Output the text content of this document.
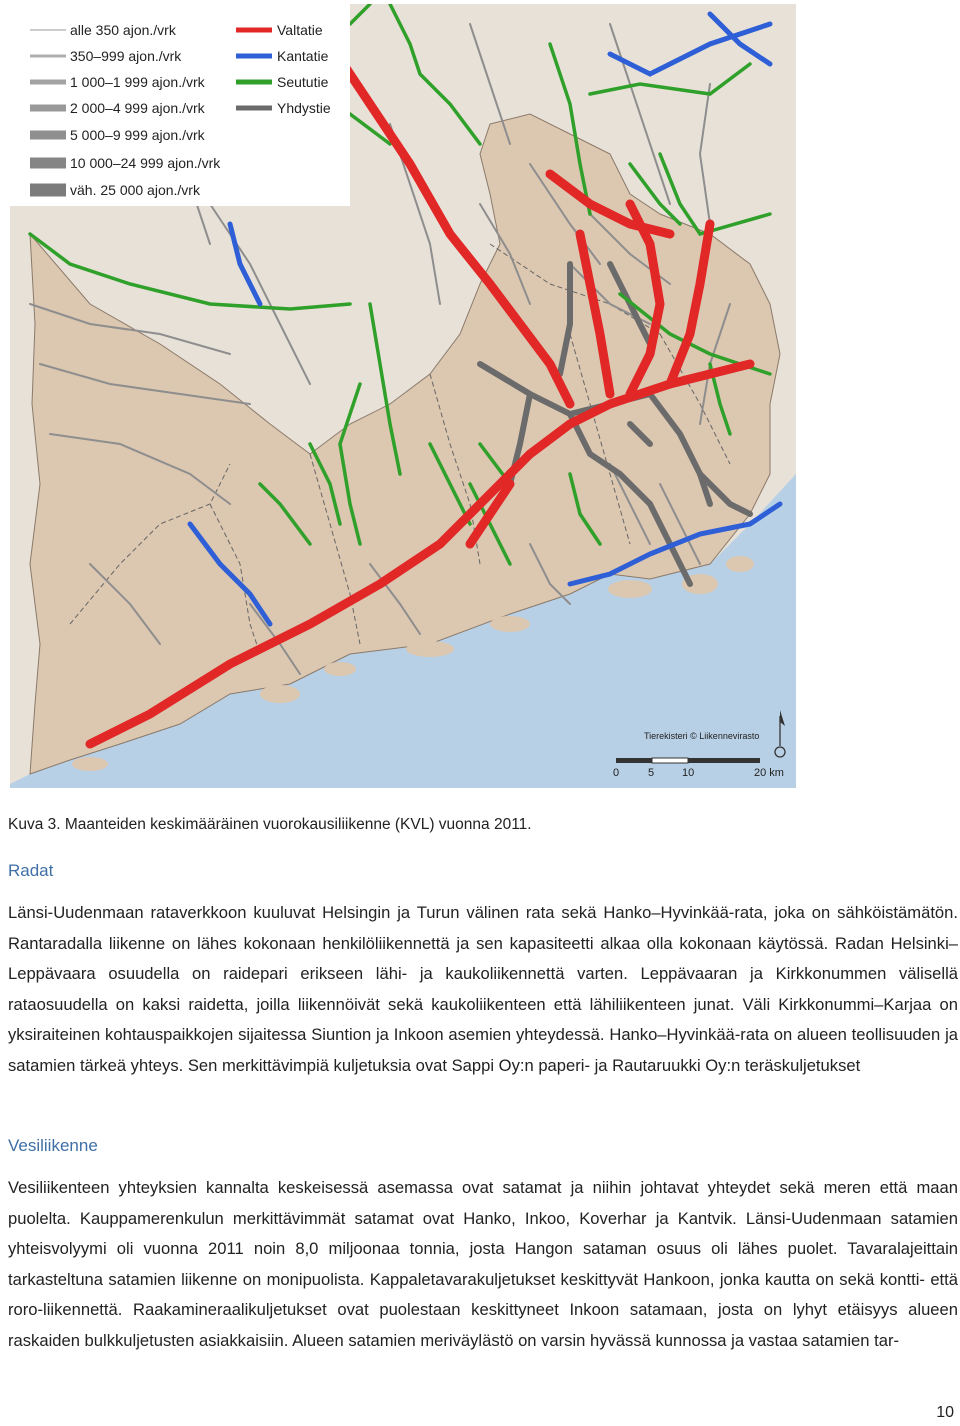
alle 350 ajon./vrk
350–999 ajon./vrk
1 000–1 999 ajon./vrk
2 000–4 999 ajon./vrk
5 000–9 999 ajon./vrk
10 000–24 999 ajon./vrk
väh. 25 000 ajon./vrk
Valtatie
Kantatie
Seututie
Yhdystie
Tierekisteri © Liikennevirasto
0	5	10	20 km
Kuva 3. Maanteiden keskimääräinen vuorokausiliikenne (KVL) vuonna 2011.
Radat

Länsi-Uudenmaan rataverkkoon kuuluvat Helsingin ja Turun välinen rata sekä Hanko–Hyvinkää-rata, joka on sähköistämätön. Rantaradalla liikenne on lähes kokonaan henkilöliikennettä ja sen kapasiteetti alkaa olla kokonaan käytössä. Radan Helsinki–Leppävaara osuudella on raidepari erikseen lähi- ja kaukoliikennettä varten. Leppävaaran ja Kirkkonummen välisellä rataosuudella on kaksi raidetta, joilla liikennöivät sekä kaukoliikenteen että lähiliikenteen junat. Väli Kirkkonummi–Karjaa on yksiraiteinen kohtauspaikkojen sijaitessa Siuntion ja Inkoon asemien yhteydessä. Hanko–Hyvinkää-rata on alueen teollisuuden ja satamien tärkeä yhteys. Sen merkittävimpiä kuljetuksia ovat Sappi Oy:n paperi- ja Rautaruukki Oy:n teräskuljetukset

Vesiliikenne

Vesiliikenteen yhteyksien kannalta keskeisessä asemassa ovat satamat ja niihin johtavat yhteydet sekä meren että maan puolelta. Kauppamerenkulun merkittävimmät satamat ovat Hanko, Inkoo, Koverhar ja Kantvik. Länsi-Uudenmaan satamien yhteisvolyymi oli vuonna 2011 noin 8,0 miljoonaa tonnia, josta Hangon sataman osuus oli lähes puolet. Tavaralajeittain tarkasteltuna satamien liikenne on monipuolista. Kappaletavarakuljetukset keskittyvät Hankoon, jonka kautta on sekä kontti- että roro-liikennettä. Raakamineraalikuljetukset ovat puolestaan keskittyneet Inkoon satamaan, josta on lyhyt etäisyys alueen raskaiden bulkkuljetusten asiakkaisiin. Alueen satamien meriväylästö on varsin hyvässä kunnossa ja vastaa satamien tar-

10
